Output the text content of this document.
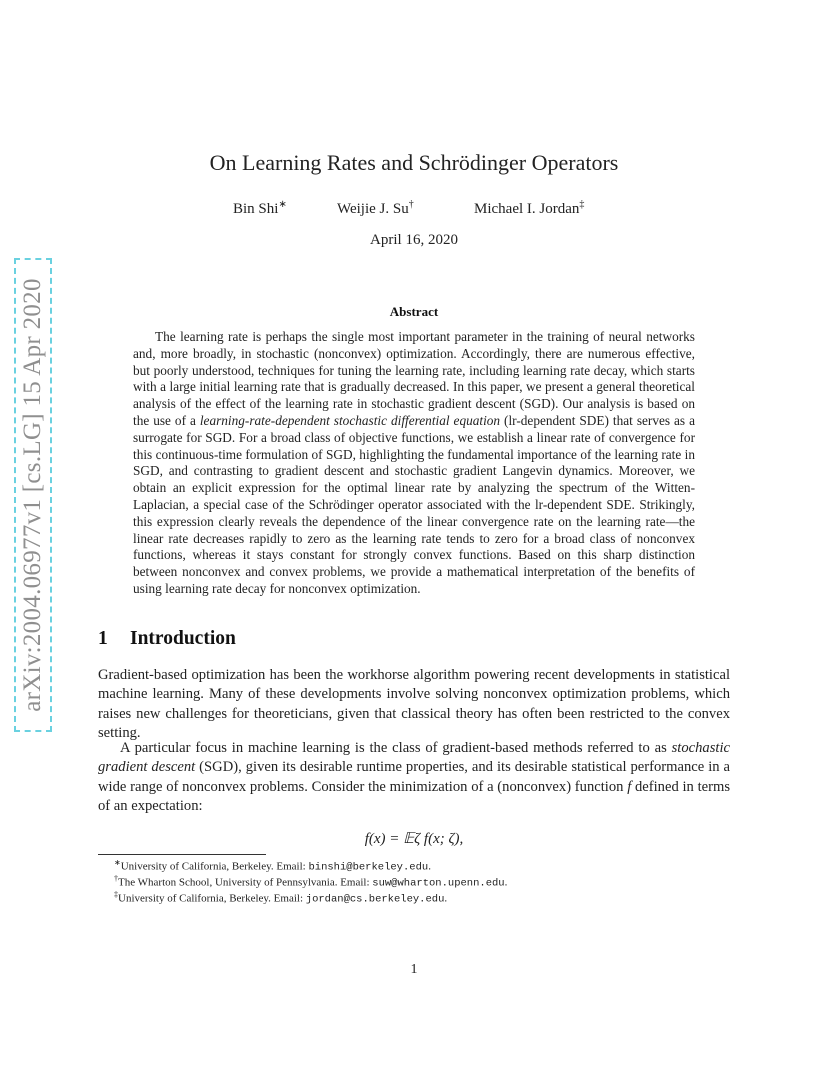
arXiv:2004.06977v1 [cs.LG] 15 Apr 2020
On Learning Rates and Schrödinger Operators
Bin Shi∗	Weijie J. Su†	Michael I. Jordan‡
April 16, 2020
Abstract
The learning rate is perhaps the single most important parameter in the training of neural networks and, more broadly, in stochastic (nonconvex) optimization. Accordingly, there are numerous effective, but poorly understood, techniques for tuning the learning rate, including learning rate decay, which starts with a large initial learning rate that is gradually decreased. In this paper, we present a general theoretical analysis of the effect of the learning rate in stochastic gradient descent (SGD). Our analysis is based on the use of a learning-rate-dependent stochastic differential equation (lr-dependent SDE) that serves as a surrogate for SGD. For a broad class of objective functions, we establish a linear rate of convergence for this continuous-time formulation of SGD, highlighting the fundamental importance of the learning rate in SGD, and contrasting to gradient descent and stochastic gradient Langevin dynamics. Moreover, we obtain an explicit expression for the optimal linear rate by analyzing the spectrum of the Witten-Laplacian, a special case of the Schrödinger operator associated with the lr-dependent SDE. Strikingly, this expression clearly reveals the dependence of the linear convergence rate on the learning rate—the linear rate decreases rapidly to zero as the learning rate tends to zero for a broad class of nonconvex functions, whereas it stays constant for strongly convex functions. Based on this sharp distinction between nonconvex and convex problems, we provide a mathematical interpretation of the benefits of using learning rate decay for nonconvex optimization.
1 Introduction
Gradient-based optimization has been the workhorse algorithm powering recent developments in statistical machine learning. Many of these developments involve solving nonconvex optimization problems, which raises new challenges for theoreticians, given that classical theory has often been restricted to the convex setting.
A particular focus in machine learning is the class of gradient-based methods referred to as stochastic gradient descent (SGD), given its desirable runtime properties, and its desirable statistical performance in a wide range of nonconvex problems. Consider the minimization of a (nonconvex) function f defined in terms of an expectation:
f(x) = 𝔼ζ f(x; ζ),
∗University of California, Berkeley. Email: binshi@berkeley.edu.
†The Wharton School, University of Pennsylvania. Email: suw@wharton.upenn.edu.
‡University of California, Berkeley. Email: jordan@cs.berkeley.edu.
1
